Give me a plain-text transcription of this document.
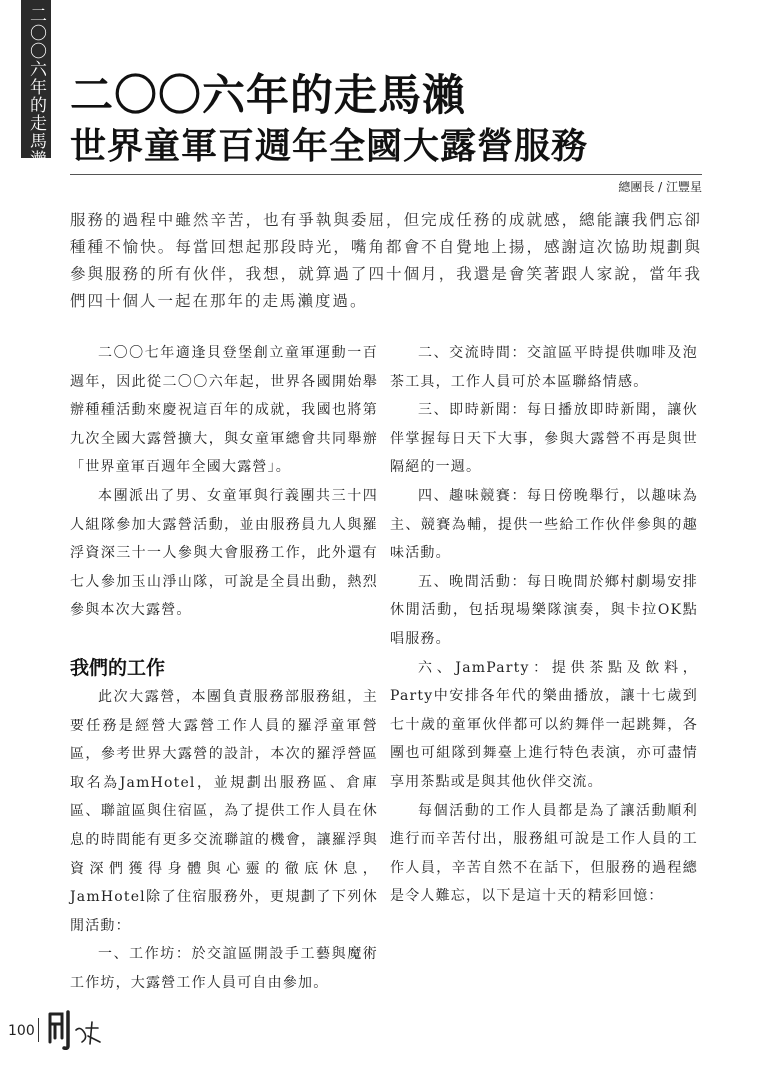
二〇〇六年的走馬瀨 二〇〇六年的走馬瀨
世界童軍百週年全國大露營服務
總團長 / 江豐星

服務的過程中雖然辛苦，也有爭執與委屈，但完成任務的成就感，總能讓我們忘卻種種不愉快。每當回想起那段時光，嘴角都會不自覺地上揚，感謝這次協助規劃與參與服務的所有伙伴，我想，就算過了四十個月，我還是會笑著跟人家說，當年我們四十個人一起在那年的走馬瀨度過。

二〇〇七年適逢貝登堡創立童軍運動一百週年，因此從二〇〇六年起，世界各國開始舉辦種種活動來慶祝這百年的成就，我國也將第九次全國大露營擴大，與女童軍總會共同舉辦「世界童軍百週年全國大露營」。

本團派出了男、女童軍與行義團共三十四人組隊參加大露營活動，並由服務員九人與羅浮資深三十一人參與大會服務工作，此外還有七人參加玉山淨山隊，可說是全員出動，熱烈參與本次大露營。

我們的工作

此次大露營，本團負責服務部服務組，主要任務是經營大露營工作人員的羅浮童軍營區，參考世界大露營的設計，本次的羅浮營區取名為JamHotel，並規劃出服務區、倉庫區、聯誼區與住宿區，為了提供工作人員在休息的時間能有更多交流聯誼的機會，讓羅浮與資深們獲得身體與心靈的徹底休息，JamHotel除了住宿服務外，更規劃了下列休閒活動：

一、工作坊：於交誼區開設手工藝與魔術工作坊，大露營工作人員可自由參加。

二、交流時間：交誼區平時提供咖啡及泡茶工具，工作人員可於本區聯絡情感。

三、即時新聞：每日播放即時新聞，讓伙伴掌握每日天下大事，參與大露營不再是與世隔絕的一週。

四、趣味競賽：每日傍晚舉行，以趣味為主、競賽為輔，提供一些給工作伙伴參與的趣味活動。

五、晚間活動：每日晚間於鄉村劇場安排休閒活動，包括現場樂隊演奏，與卡拉OK點唱服務。

六、JamParty：提供茶點及飲料，Party中安排各年代的樂曲播放，讓十七歲到七十歲的童軍伙伴都可以約舞伴一起跳舞，各團也可組隊到舞臺上進行特色表演，亦可盡情享用茶點或是與其他伙伴交流。

每個活動的工作人員都是為了讓活動順利進行而辛苦付出，服務組可說是工作人員的工作人員，辛苦自然不在話下，但服務的過程總是令人難忘，以下是這十天的精彩回憶：

100
